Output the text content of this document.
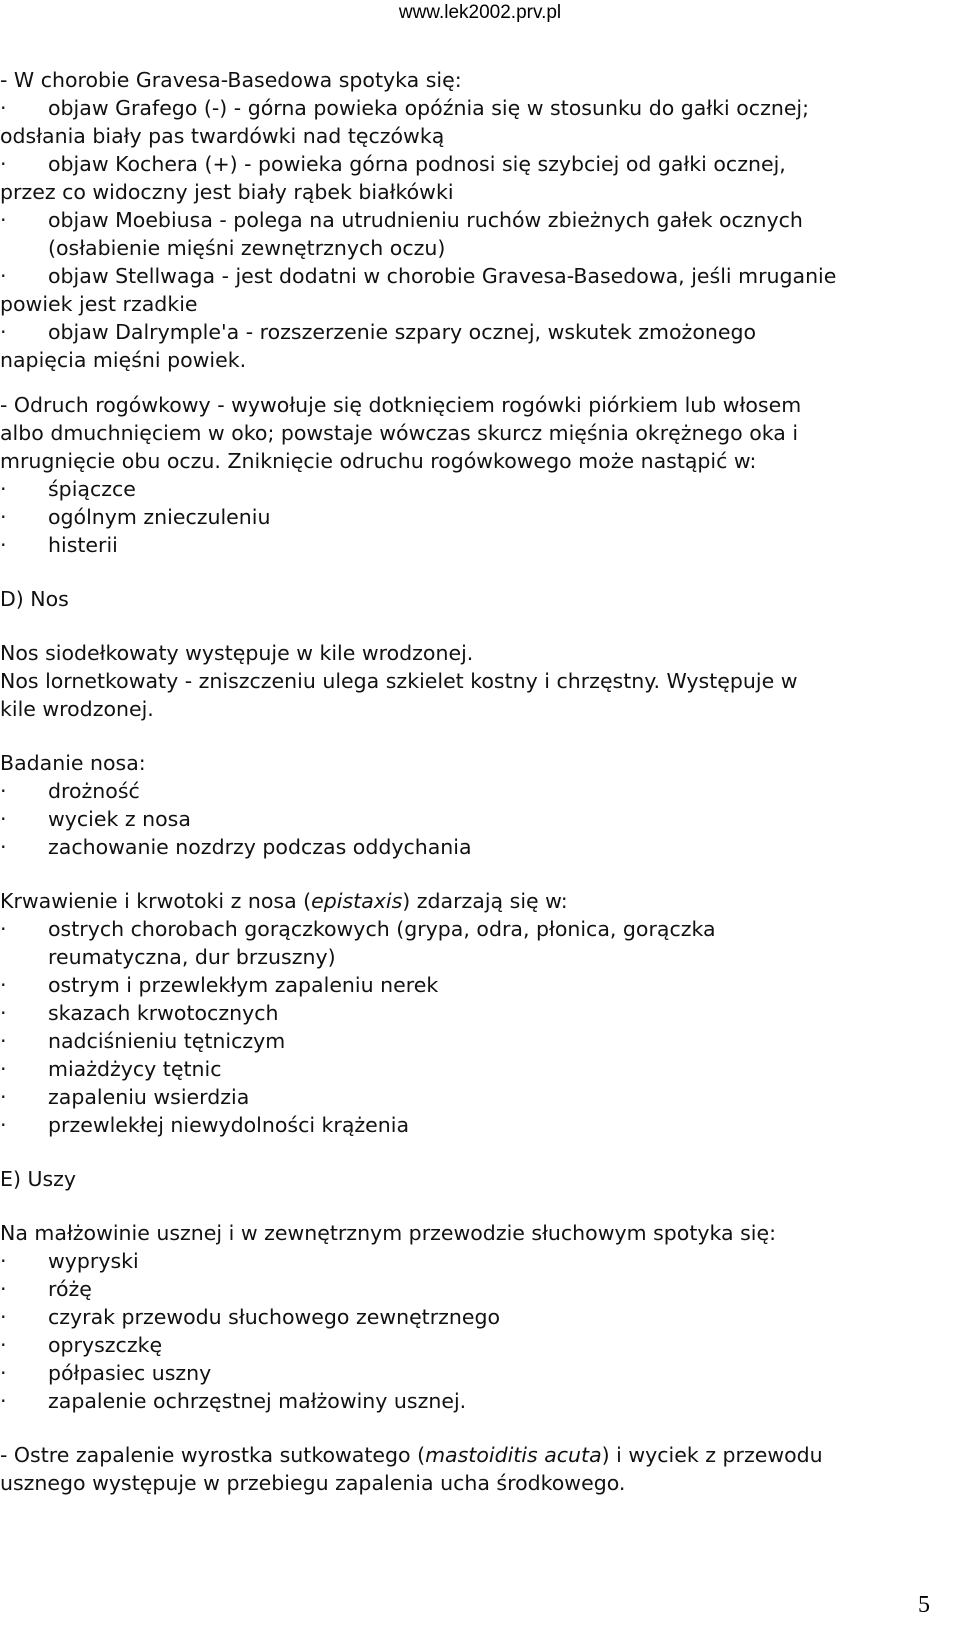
www.lek2002.prv.pl
- W chorobie Gravesa-Basedowa spotyka się:
·objaw Grafego (-) - górna powieka opóźnia się w stosunku do gałki ocznej;
odsłania biały pas twardówki nad tęczówką
·objaw Kochera (+) - powieka górna podnosi się szybciej od gałki ocznej,
przez co widoczny jest biały rąbek białkówki
·objaw Moebiusa - polega na utrudnieniu ruchów zbieżnych gałek ocznych
(osłabienie mięśni zewnętrznych oczu)
·objaw Stellwaga - jest dodatni w chorobie Gravesa-Basedowa, jeśli mruganie
powiek jest rzadkie
·objaw Dalrymple'a - rozszerzenie szpary ocznej, wskutek zmożonego
napięcia mięśni powiek.
- Odruch rogówkowy - wywołuje się dotknięciem rogówki piórkiem lub włosem
albo dmuchnięciem w oko; powstaje wówczas skurcz mięśnia okrężnego oka i
mrugnięcie obu oczu. Zniknięcie odruchu rogówkowego może nastąpić w:
·śpiączce
·ogólnym znieczuleniu
·histerii
D) Nos
Nos siodełkowaty występuje w kile wrodzonej.
Nos lornetkowaty - zniszczeniu ulega szkielet kostny i chrzęstny. Występuje w
kile wrodzonej.
Badanie nosa:
·drożność
·wyciek z nosa
·zachowanie nozdrzy podczas oddychania
Krwawienie i krwotoki z nosa (epistaxis) zdarzają się w:
·ostrych chorobach gorączkowych (grypa, odra, płonica, gorączka
reumatyczna, dur brzuszny)
·ostrym i przewlekłym zapaleniu nerek
·skazach krwotocznych
·nadciśnieniu tętniczym
·miażdżycy tętnic
·zapaleniu wsierdzia
·przewlekłej niewydolności krążenia
E) Uszy
Na małżowinie usznej i w zewnętrznym przewodzie słuchowym spotyka się:
·wypryski
·różę
·czyrak przewodu słuchowego zewnętrznego
·opryszczkę
·półpasiec uszny
·zapalenie ochrzęstnej małżowiny usznej.
- Ostre zapalenie wyrostka sutkowatego (mastoiditis acuta) i wyciek z przewodu
usznego występuje w przebiegu zapalenia ucha środkowego.
5
